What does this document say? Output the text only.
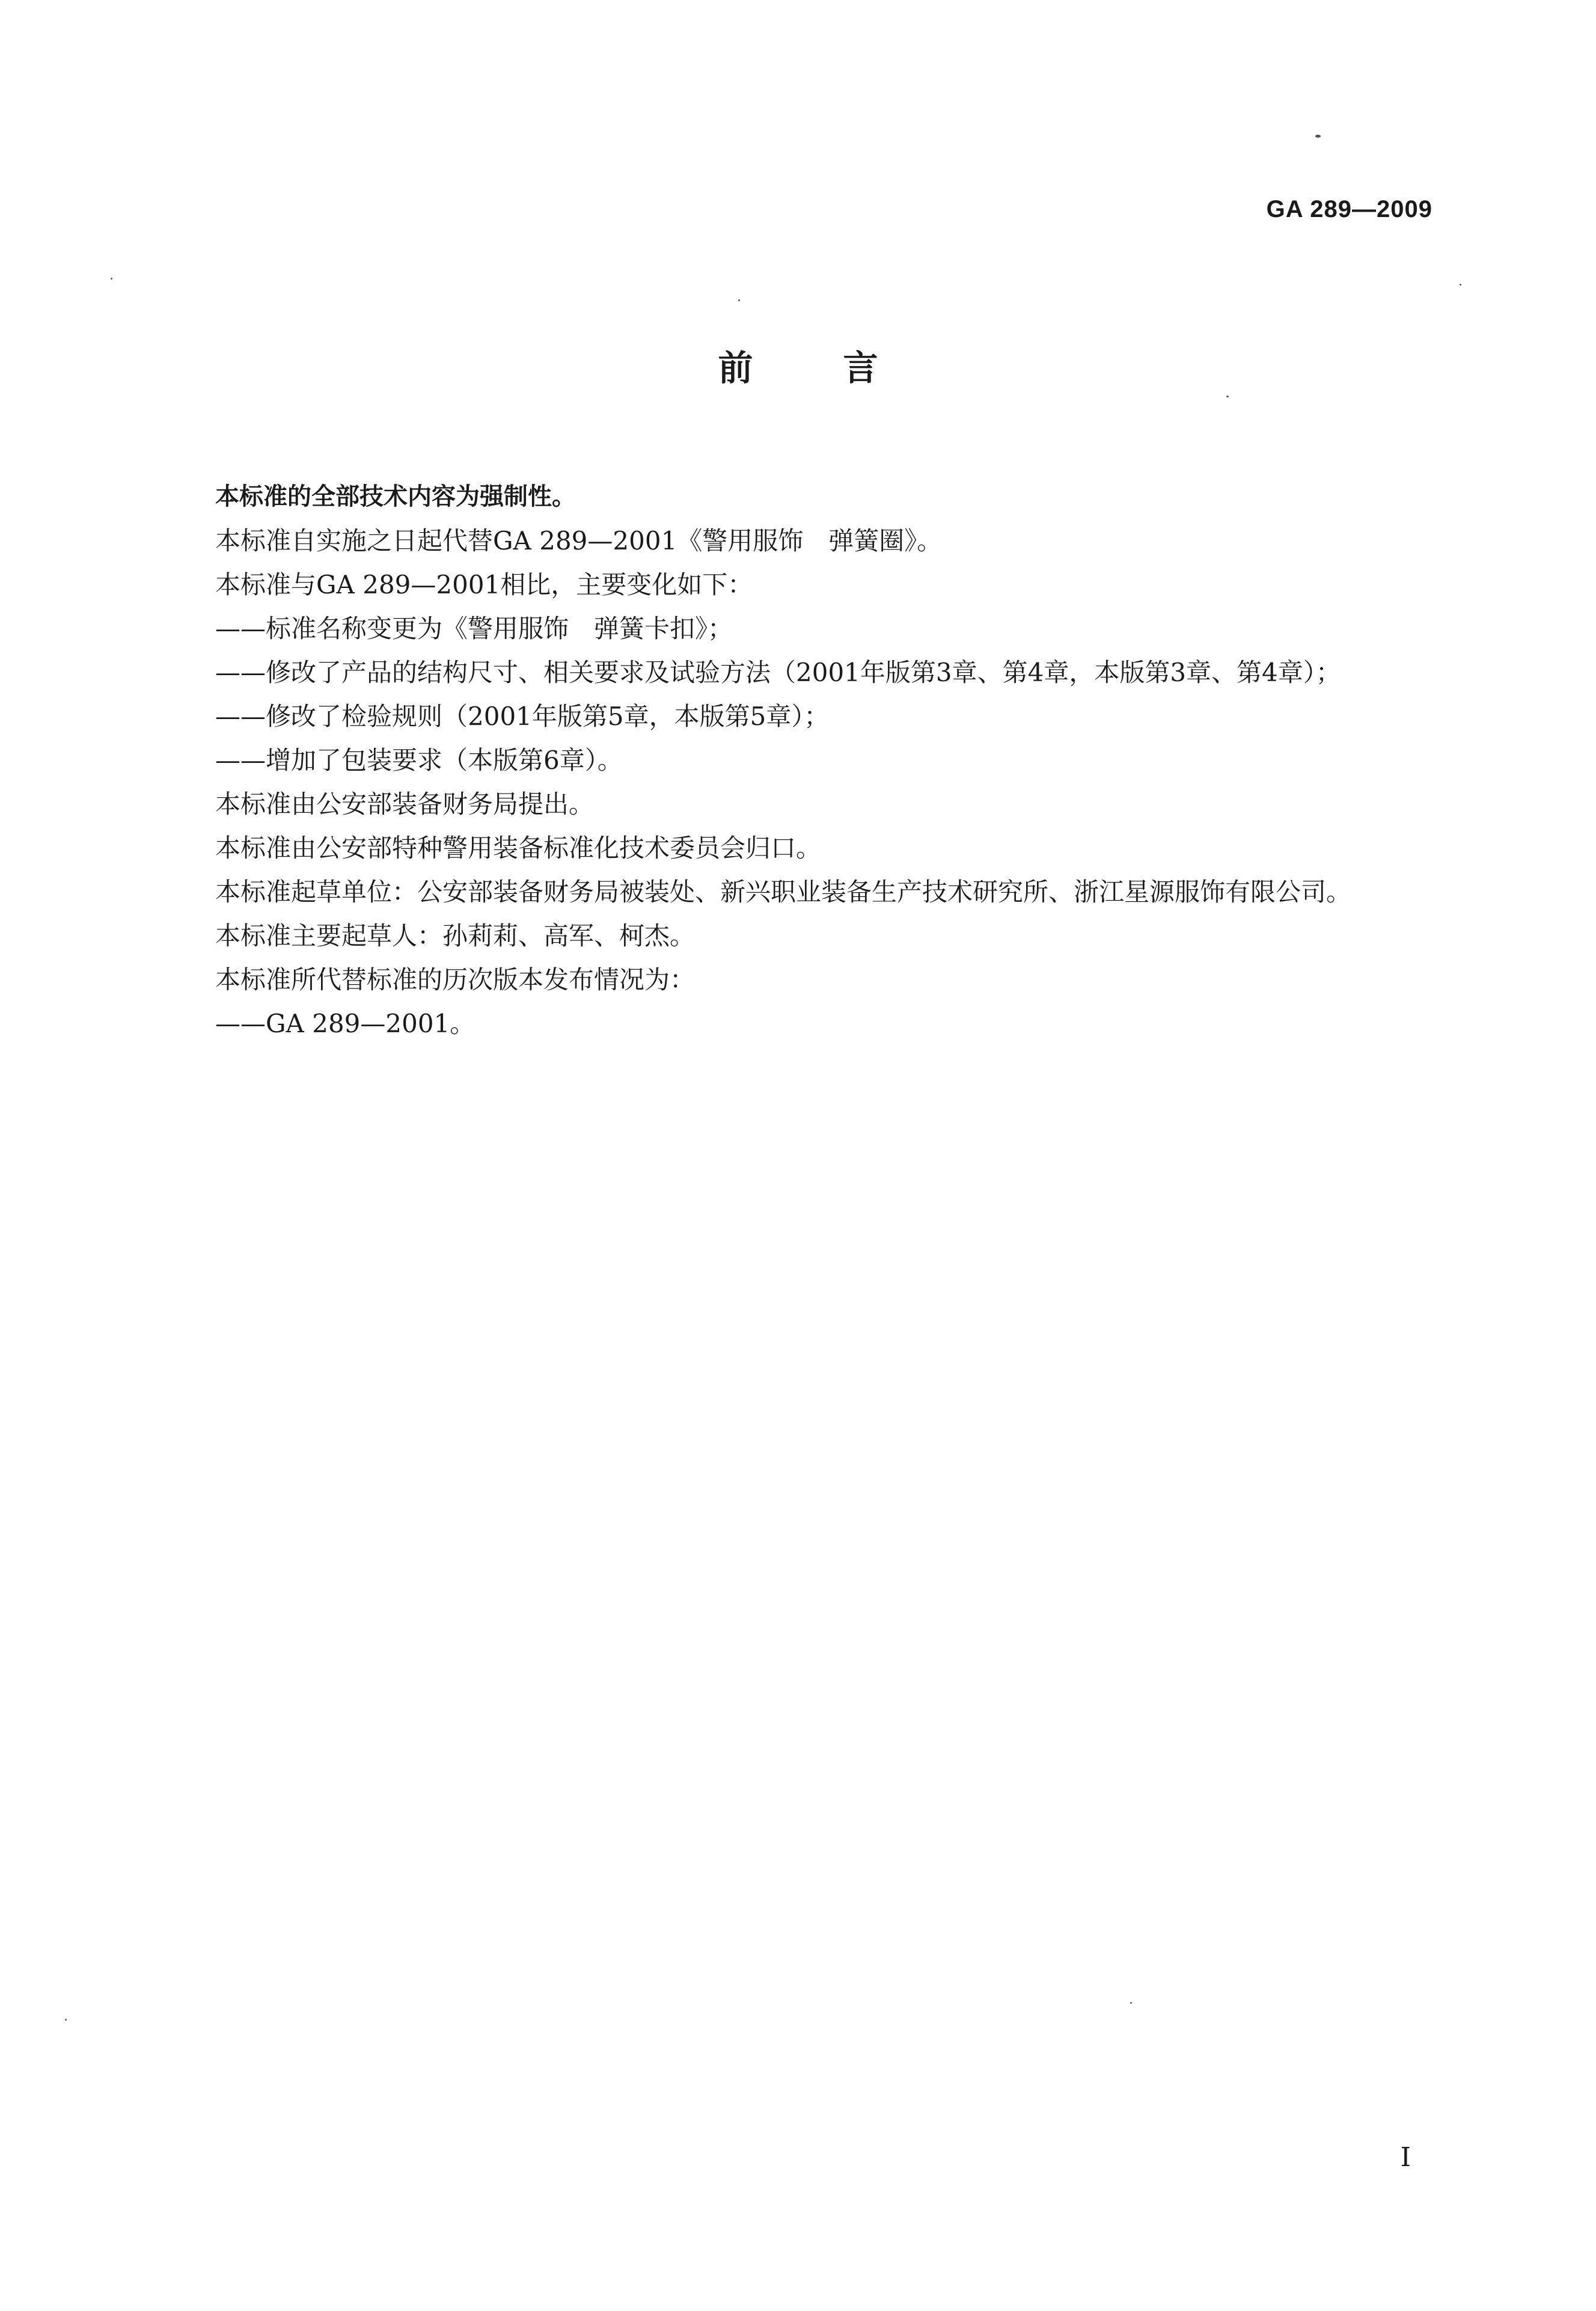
GA 289—2009
前言

本标准的全部技术内容为强制性。

本标准自实施之日起代替GA 289—2001《警用服饰　弹簧圈》。

本标准与GA 289—2001相比，主要变化如下：

——标准名称变更为《警用服饰　弹簧卡扣》；

——修改了产品的结构尺寸、相关要求及试验方法（2001年版第3章、第4章，本版第3章、第4章）；

——修改了检验规则（2001年版第5章，本版第5章）；

——增加了包装要求（本版第6章）。

本标准由公安部装备财务局提出。

本标准由公安部特种警用装备标准化技术委员会归口。

本标准起草单位：公安部装备财务局被装处、新兴职业装备生产技术研究所、浙江星源服饰有限公司。

本标准主要起草人：孙莉莉、高军、柯杰。

本标准所代替标准的历次版本发布情况为：

——GA 289—2001。

I
